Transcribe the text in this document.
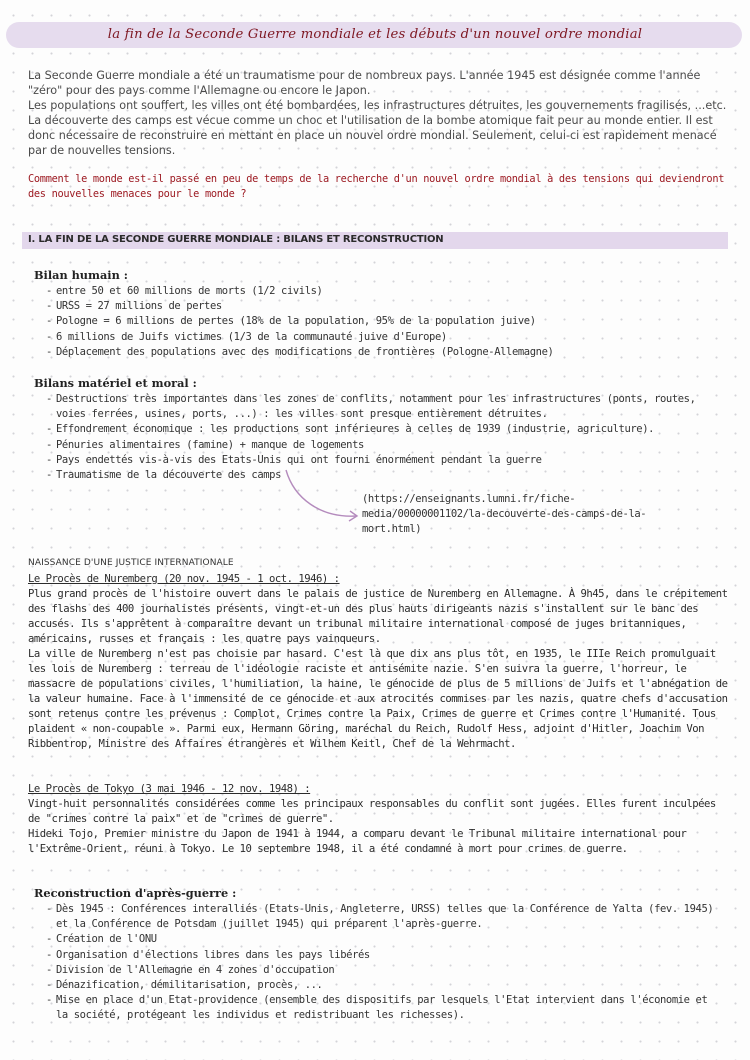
la fin de la Seconde Guerre mondiale et les débuts d'un nouvel ordre mondial

La Seconde Guerre mondiale a été un traumatisme pour de nombreux pays. L'année 1945 est désignée comme l'année "zéro" pour des pays comme l'Allemagne ou encore le Japon.

Les populations ont souffert, les villes ont été bombardées, les infrastructures détruites, les gouvernements fragilisés, ...etc. La découverte des camps est vécue comme un choc et l'utilisation de la bombe atomique fait peur au monde entier. Il est donc nécessaire de reconstruire en mettant en place un nouvel ordre mondial. Seulement, celui-ci est rapidement menacé par de nouvelles tensions.

Comment le monde est-il passé en peu de temps de la recherche d'un nouvel ordre mondial à des tensions qui deviendront des nouvelles menaces pour le monde ?
I. LA FIN DE LA SECONDE GUERRE MONDIALE : BILANS ET RECONSTRUCTION
Bilan humain :
- entre 50 et 60 millions de morts (1/2 civils)
- URSS = 27 millions de pertes
- Pologne = 6 millions de pertes (18% de la population, 95% de la population juive)
- 6 millions de Juifs victimes (1/3 de la communauté juive d'Europe)
- Déplacement des populations avec des modifications de frontières (Pologne-Allemagne)
Bilans matériel et moral :
- Destructions très importantes dans les zones de conflits, notamment pour les infrastructures (ponts, routes, voies ferrées, usines, ports, ...) : les villes sont presque entièrement détruites.
- Effondrement économique : les productions sont inférieures à celles de 1939 (industrie, agriculture).
- Pénuries alimentaires (famine) + manque de logements
- Pays endettés vis-à-vis des Etats-Unis qui ont fourni énormément pendant la guerre
- Traumatisme de la découverte des camps
(https://enseignants.lumni.fr/fiche-media/00000001102/la-decouverte-des-camps-de-la-mort.html)
NAISSANCE D'UNE JUSTICE INTERNATIONALE
Le Procès de Nuremberg (20 nov. 1945 - 1 oct. 1946) :

Plus grand procès de l'histoire ouvert dans le palais de justice de Nuremberg en Allemagne. À 9h45, dans le crépitement des flashs des 400 journalistes présents, vingt-et-un des plus hauts dirigeants nazis s'installent sur le banc des accusés. Ils s'apprêtent à comparaître devant un tribunal militaire international composé de juges britanniques, américains, russes et français : les quatre pays vainqueurs.

La ville de Nuremberg n'est pas choisie par hasard. C'est là que dix ans plus tôt, en 1935, le IIIe Reich promulguait les lois de Nuremberg : terreau de l'idéologie raciste et antisémite nazie. S'en suivra la guerre, l'horreur, le massacre de populations civiles, l'humiliation, la haine, le génocide de plus de 5 millions de Juifs et l'abnégation de la valeur humaine. Face à l'immensité de ce génocide et aux atrocités commises par les nazis, quatre chefs d'accusation sont retenus contre les prévenus : Complot, Crimes contre la Paix, Crimes de guerre et Crimes contre l'Humanité. Tous plaident « non-coupable ». Parmi eux, Hermann Göring, maréchal du Reich, Rudolf Hess, adjoint d'Hitler, Joachim Von Ribbentrop, Ministre des Affaires étrangères et Wilhem Keitl, Chef de la Wehrmacht.

Le Procès de Tokyo (3 mai 1946 - 12 nov. 1948) :

Vingt-huit personnalités considérées comme les principaux responsables du conflit sont jugées. Elles furent inculpées de "crimes contre la paix" et de "crimes de guerre".

Hideki Tojo, Premier ministre du Japon de 1941 à 1944, a comparu devant le Tribunal militaire international pour l'Extrême-Orient, réuni à Tokyo. Le 10 septembre 1948, il a été condamné à mort pour crimes de guerre.

Reconstruction d'après-guerre :
- Dès 1945 : Conférences interalliés (Etats-Unis, Angleterre, URSS) telles que la Conférence de Yalta (fev. 1945) et la Conférence de Potsdam (juillet 1945) qui préparent l'après-guerre.
- Création de l'ONU
- Organisation d'élections libres dans les pays libérés
- Division de l'Allemagne en 4 zones d'occupation
- Dénazification, démilitarisation, procès, ...
- Mise en place d'un Etat-providence (ensemble des dispositifs par lesquels l'Etat intervient dans l'économie et la société, protégeant les individus et redistribuant les richesses).
